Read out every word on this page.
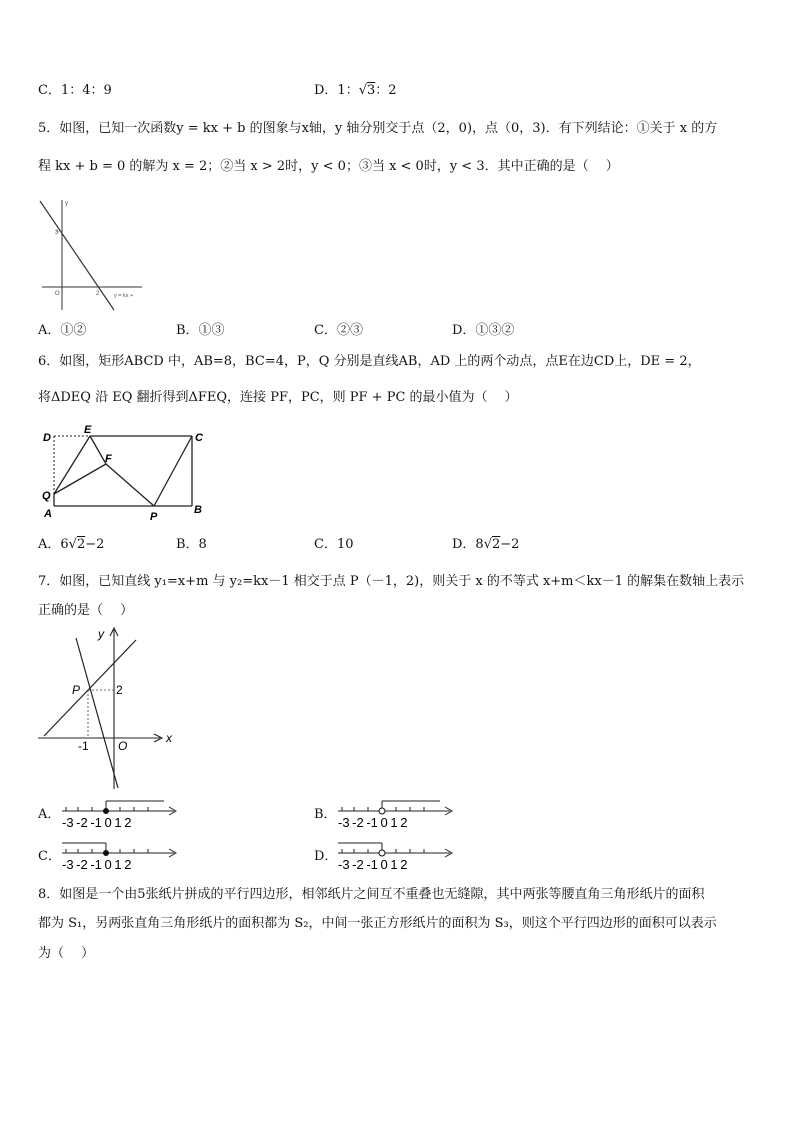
C．1：4：9	D．1：√3：2
5．如图，已知一次函数y = kx + b 的图象与x轴，y 轴分别交于点（2，0)，点（0，3)．有下列结论：①关于 x 的方
程 kx + b = 0 的解为 x = 2；②当 x > 2时，y < 0；③当 x < 0时，y < 3．其中正确的是（　 ）
y
3
O	2	y = kx +
A．①②	B．①③	C．②③	D．①③②
6．如图，矩形ABCD 中，AB=8，BC=4，P，Q 分别是直线AB，AD 上的两个动点，点E在边CD上，DE = 2，
将ΔDEQ 沿 EQ 翻折得到ΔFEQ，连接 PF，PC，则 PF + PC 的最小值为（　 ）
D
E
C
F
Q
A	P
B
A．6√2−2	B．8	C．10	D．8√2−2
7．如图，已知直线 y₁=x+m 与 y₂=kx－1 相交于点 P（－1，2)，则关于 x 的不等式 x+m＜kx－1 的解集在数轴上表示
正确的是（　 ）
y
x
P	2
-1 O
A．
-3 -2 -1 0 1 2
B．
-3 -2 -1 0 1 2
C．
-3 -2 -1 0 1 2
D．
-3 -2 -1 0 1 2
8．如图是一个由5张纸片拼成的平行四边形，相邻纸片之间互不重叠也无缝隙，其中两张等腰直角三角形纸片的面积
都为 S₁，另两张直角三角形纸片的面积都为 S₂，中间一张正方形纸片的面积为 S₃，则这个平行四边形的面积可以表示
为（　 ）
